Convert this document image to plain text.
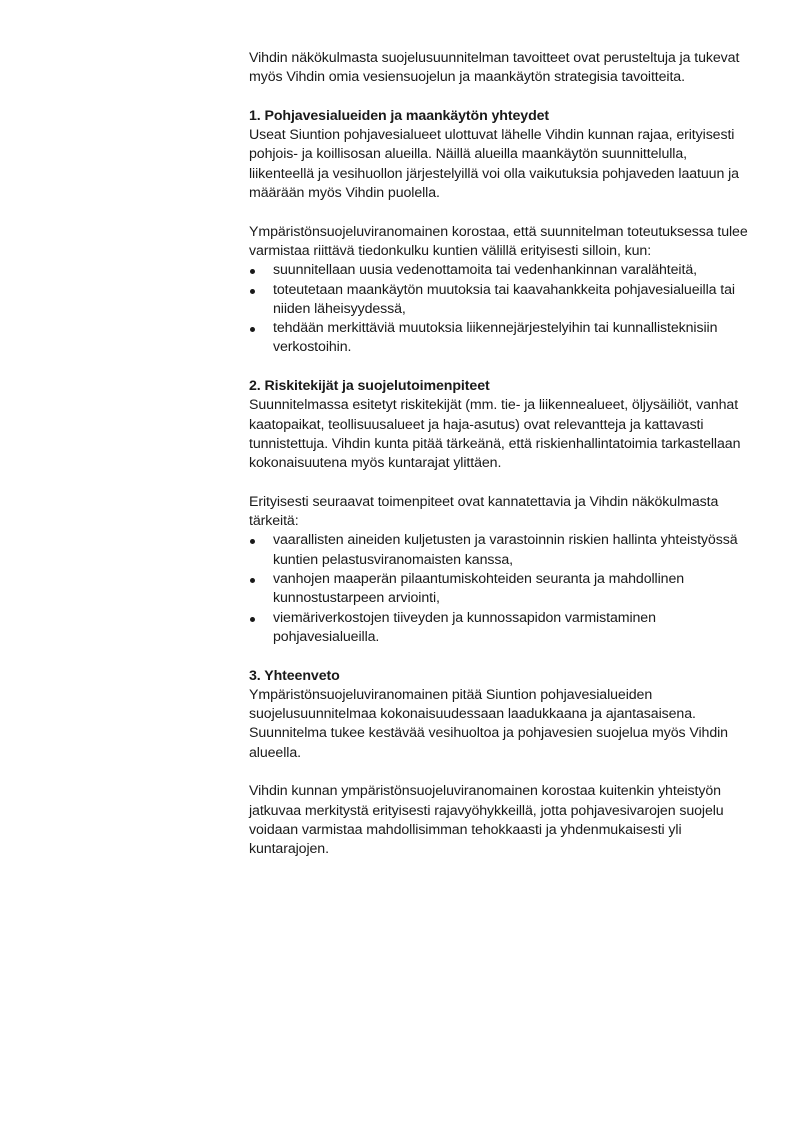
Vihdin näkökulmasta suojelusuunnitelman tavoitteet ovat perusteltuja ja tukevat myös Vihdin omia vesiensuojelun ja maankäytön strategisia tavoitteita.

1. Pohjavesialueiden ja maankäytön yhteydet

Useat Siuntion pohjavesialueet ulottuvat lähelle Vihdin kunnan rajaa, erityisesti pohjois- ja koillisosan alueilla. Näillä alueilla maankäytön suunnittelulla, liikenteellä ja vesihuollon järjestelyillä voi olla vaikutuksia pohjaveden laatuun ja määrään myös Vihdin puolella.

Ympäristönsuojeluviranomainen korostaa, että suunnitelman toteutuksessa tulee varmistaa riittävä tiedonkulku kuntien välillä erityisesti silloin, kun:

suunnitellaan uusia vedenottamoita tai vedenhankinnan varalähteitä,
toteutetaan maankäytön muutoksia tai kaavahankkeita pohjavesialueilla tai niiden läheisyydessä,
tehdään merkittäviä muutoksia liikennejärjestelyihin tai kunnallisteknisiin verkostoihin.

2. Riskitekijät ja suojelutoimenpiteet

Suunnitelmassa esitetyt riskitekijät (mm. tie- ja liikennealueet, öljysäiliöt, vanhat kaatopaikat, teollisuusalueet ja haja-asutus) ovat relevantteja ja kattavasti tunnistettuja. Vihdin kunta pitää tärkeänä, että riskienhallintatoimia tarkastellaan kokonaisuutena myös kuntarajat ylittäen.

Erityisesti seuraavat toimenpiteet ovat kannatettavia ja Vihdin näkökulmasta tärkeitä:

vaarallisten aineiden kuljetusten ja varastoinnin riskien hallinta yhteistyössä kuntien pelastusviranomaisten kanssa,
vanhojen maaperän pilaantumiskohteiden seuranta ja mahdollinen kunnostustarpeen arviointi,
viemäriverkostojen tiiveyden ja kunnossapidon varmistaminen pohjavesialueilla.

3. Yhteenveto

Ympäristönsuojeluviranomainen pitää Siuntion pohjavesialueiden suojelusuunnitelmaa kokonaisuudessaan laadukkaana ja ajantasaisena. Suunnitelma tukee kestävää vesihuoltoa ja pohjavesien suojelua myös Vihdin alueella.

Vihdin kunnan ympäristönsuojeluviranomainen korostaa kuitenkin yhteistyön jatkuvaa merkitystä erityisesti rajavyöhykkeillä, jotta pohjavesivarojen suojelu voidaan varmistaa mahdollisimman tehokkaasti ja yhdenmukaisesti yli kuntarajojen.
